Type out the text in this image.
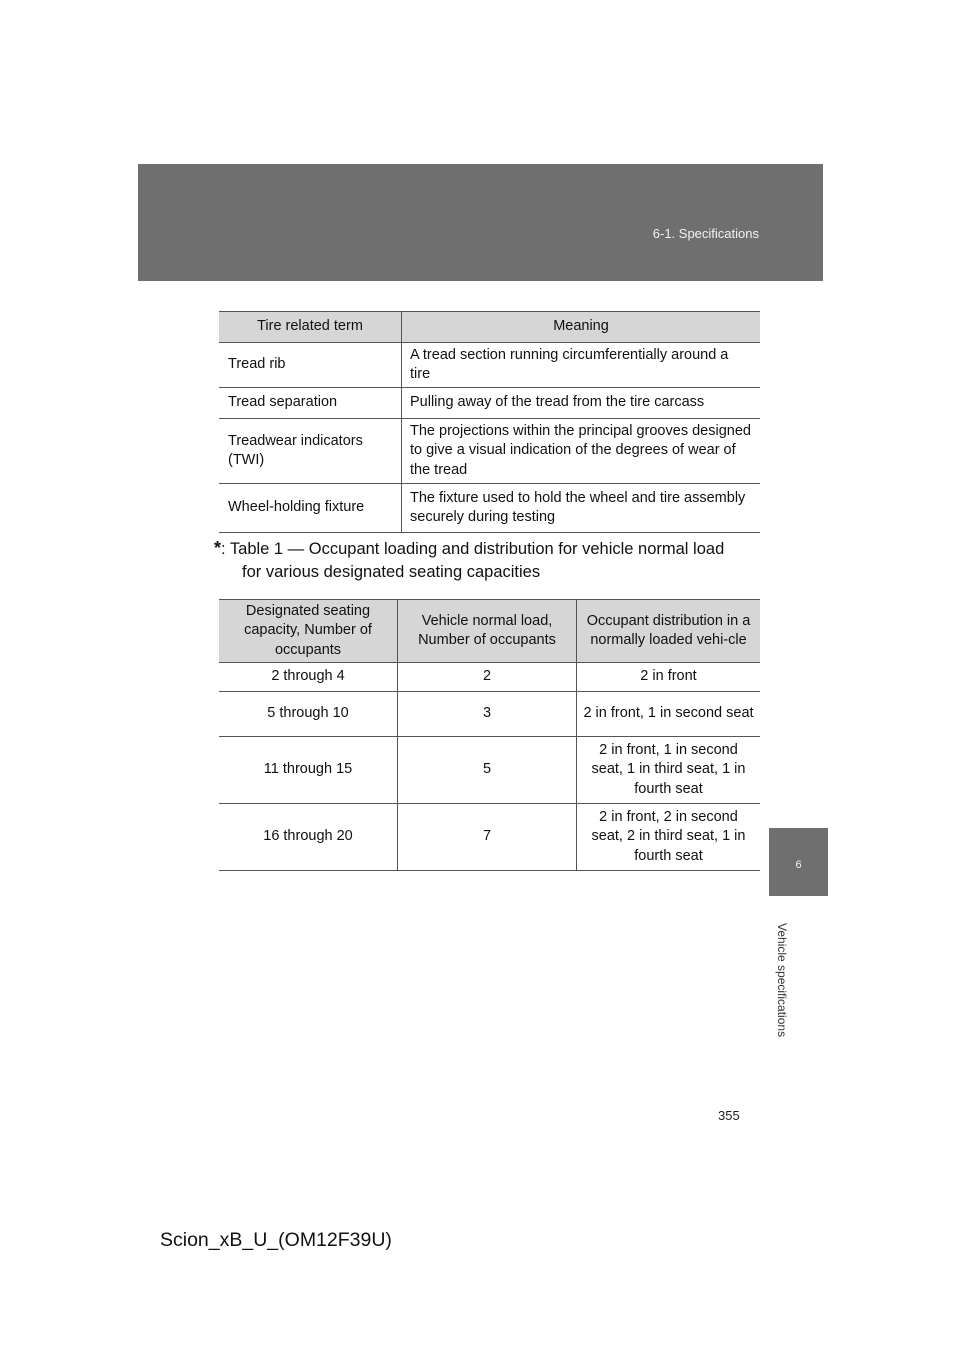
6-1. Specifications
6
Vehicle specifications
Tire related term	Meaning
Tread rib	A tread section running circumferentially around a tire
Tread separation	Pulling away of the tread from the tire carcass
Treadwear indicators (TWI)	The projections within the principal grooves designed to give a visual indication of the degrees of wear of the tread
Wheel-holding fixture	The fixture used to hold the wheel and tire assembly securely during testing
*: Table 1 — Occupant loading and distribution for vehicle normal load
for various designated seating capacities
Designated seating capacity, Number of occupants	Vehicle normal load, Number of occupants	Occupant distribution in a normally loaded vehi-cle
2 through 4	2	2 in front
5 through 10	3	2 in front, 1 in second seat
11 through 15	5	2 in front, 1 in second seat, 1 in third seat, 1 in fourth seat
16 through 20	7	2 in front, 2 in second seat, 2 in third seat, 1 in fourth seat
355
Scion_xB_U_(OM12F39U)
